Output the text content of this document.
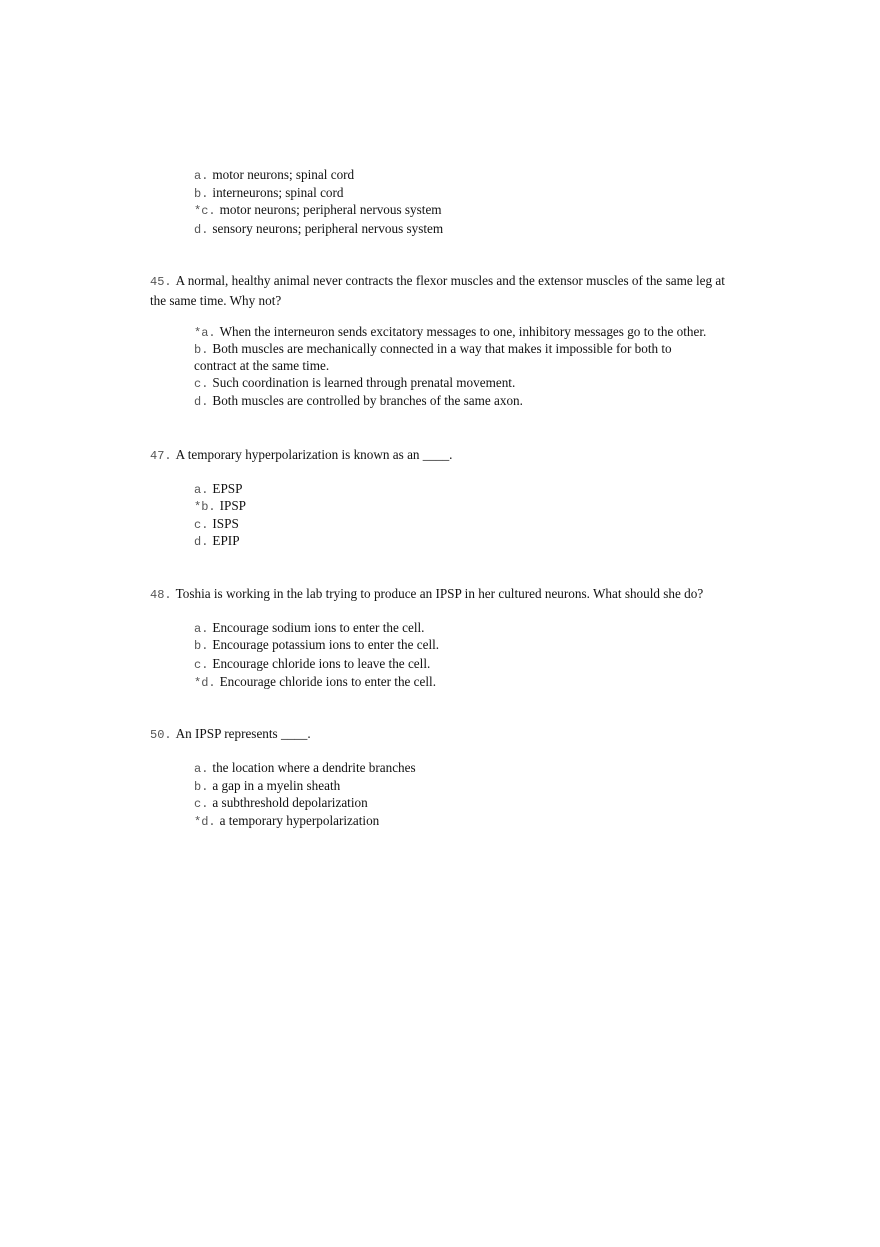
a. motor neurons; spinal cord
b. interneurons; spinal cord
*c. motor neurons; peripheral nervous system
d. sensory neurons; peripheral nervous system
45. A normal, healthy animal never contracts the flexor muscles and the extensor muscles of the same leg at the same time. Why not?
*a. When the interneuron sends excitatory messages to one, inhibitory messages go to the other.
b. Both muscles are mechanically connected in a way that makes it impossible for both to
contract at the same time.
c. Such coordination is learned through prenatal movement.
d. Both muscles are controlled by branches of the same axon.
47. A temporary hyperpolarization is known as an ____.
a. EPSP
*b. IPSP
c. ISPS
d. EPIP
48. Toshia is working in the lab trying to produce an IPSP in her cultured neurons. What should she do?
a. Encourage sodium ions to enter the cell.
b. Encourage potassium ions to enter the cell.
c. Encourage chloride ions to leave the cell.
*d. Encourage chloride ions to enter the cell.
50. An IPSP represents ____.
a. the location where a dendrite branches
b. a gap in a myelin sheath
c. a subthreshold depolarization
*d. a temporary hyperpolarization
